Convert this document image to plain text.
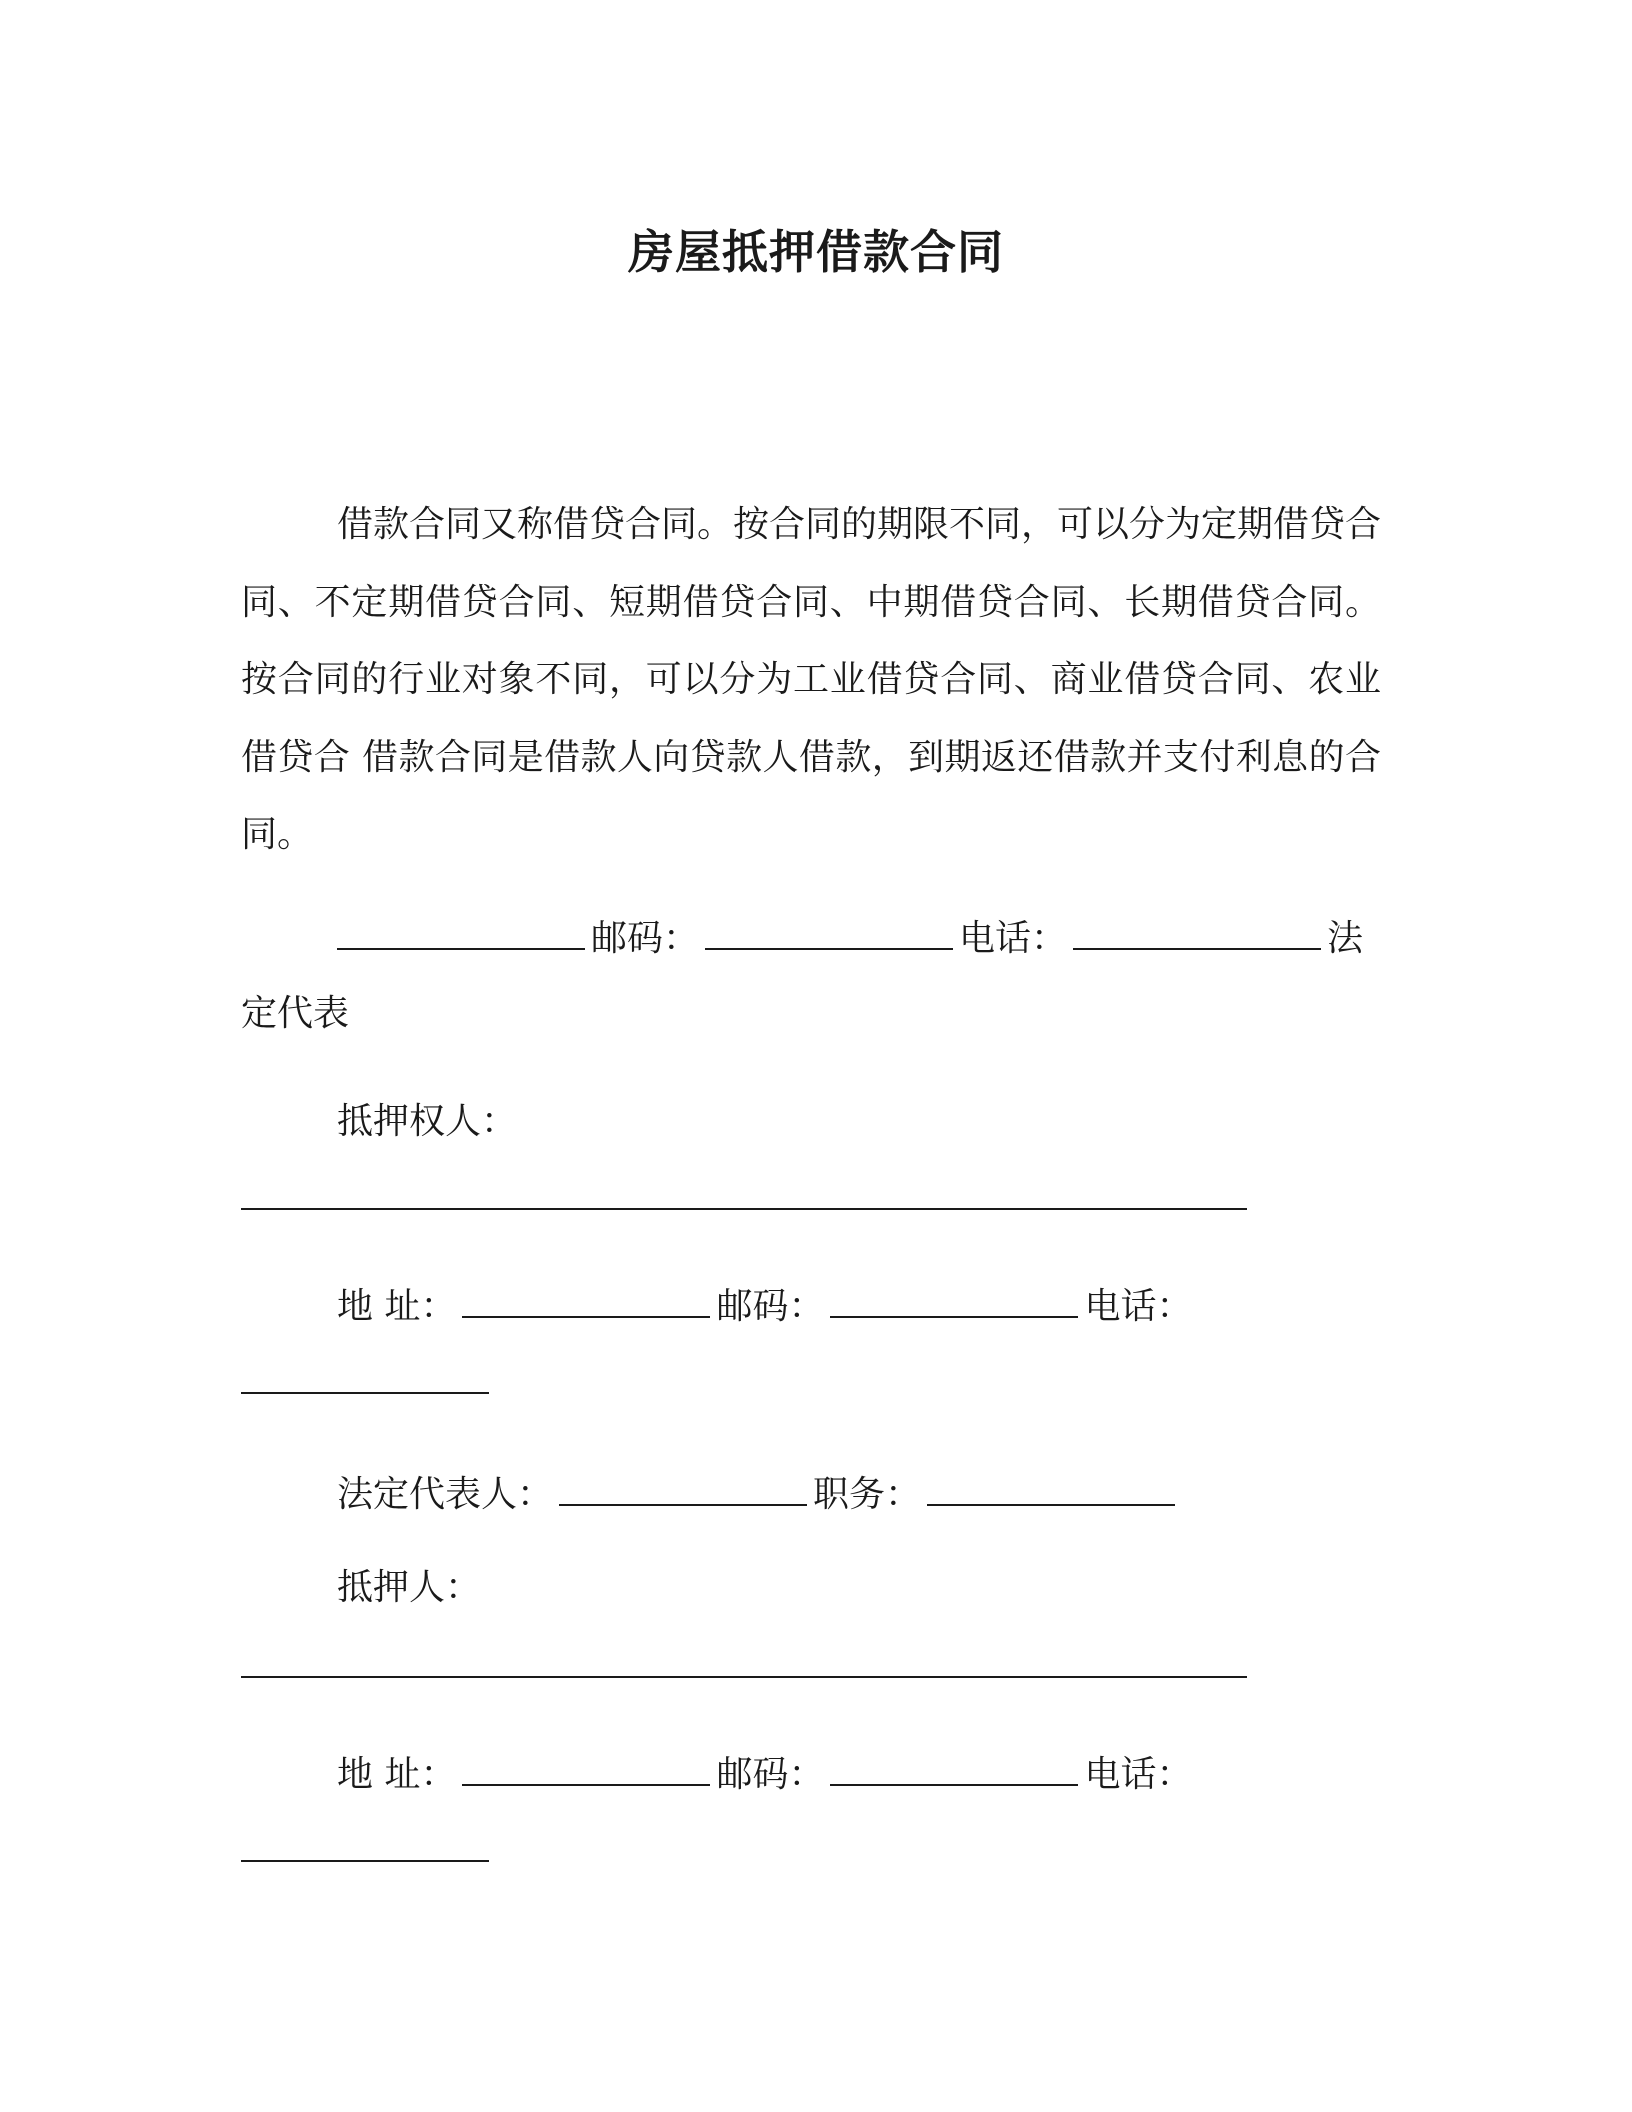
房屋抵押借款合同

借款合同又称借贷合同。按合同的期限不同，可以分为定期借贷合同、不定期借贷合同、短期借贷合同、中期借贷合同、长期借贷合同。按合同的行业对象不同，可以分为工业借贷合同、商业借贷合同、农业借贷合 借款合同是借款人向贷款人借款，到期返还借款并支付利息的合同。

邮码：	电话：	法
定代表
抵押权人：
地 址：	邮码：	电话：
法定代表人：	职务：
抵押人：
地 址：	邮码：	电话：
